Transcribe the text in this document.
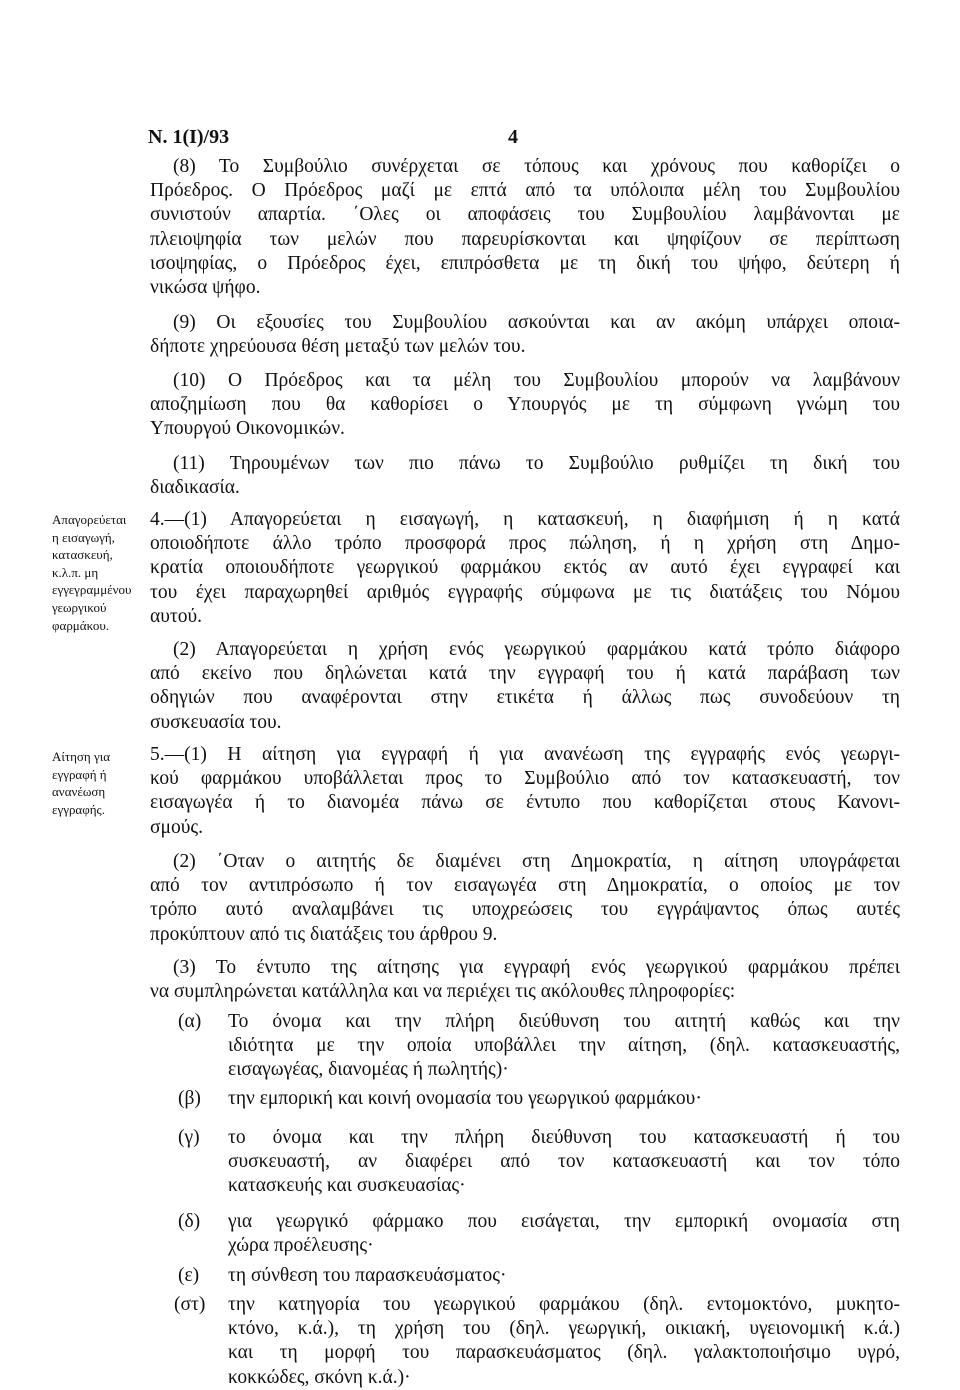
N. 1(I)/93	4
Απαγορεύεται
η εισαγωγή,
κατασκευή,
κ.λ.π. μη
εγγεγραμμένου
γεωργικού
φαρμάκου.
Αίτηση για
εγγραφή ή
ανανέωση
εγγραφής.
(8) Το Συμβούλιο συνέρχεται σε τόπους και χρόνους που καθορίζει ο
Πρόεδρος. Ο Πρόεδρος μαζί με επτά από τα υπόλοιπα μέλη του Συμβουλίου
συνιστούν απαρτία. ΄Ολες οι αποφάσεις του Συμβουλίου λαμβάνονται με
πλειοψηφία των μελών που παρευρίσκονται και ψηφίζουν σε περίπτωση
ισοψηφίας, ο Πρόεδρος έχει, επιπρόσθετα με τη δική του ψήφο, δεύτερη ή
νικώσα ψήφο.
(9) Οι εξουσίες του Συμβουλίου ασκούνται και αν ακόμη υπάρχει οποια-
δήποτε χηρεύουσα θέση μεταξύ των μελών του.
(10) Ο Πρόεδρος και τα μέλη του Συμβουλίου μπορούν να λαμβάνουν
αποζημίωση που θα καθορίσει ο Υπουργός με τη σύμφωνη γνώμη του
Υπουργού Οικονομικών.
(11) Τηρουμένων των πιο πάνω το Συμβούλιο ρυθμίζει τη δική του
διαδικασία.
4.—(1) Απαγορεύεται η εισαγωγή, η κατασκευή, η διαφήμιση ή η κατά
οποιοδήποτε άλλο τρόπο προσφορά προς πώληση, ή η χρήση στη Δημο-
κρατία οποιουδήποτε γεωργικού φαρμάκου εκτός αν αυτό έχει εγγραφεί και
του έχει παραχωρηθεί αριθμός εγγραφής σύμφωνα με τις διατάξεις του Νόμου
αυτού.
(2) Απαγορεύεται η χρήση ενός γεωργικού φαρμάκου κατά τρόπο διάφορο
από εκείνο που δηλώνεται κατά την εγγραφή του ή κατά παράβαση των
οδηγιών που αναφέρονται στην ετικέτα ή άλλως πως συνοδεύουν τη
συσκευασία του.
5.—(1) Η αίτηση για εγγραφή ή για ανανέωση της εγγραφής ενός γεωργι-
κού φαρμάκου υποβάλλεται προς το Συμβούλιο από τον κατασκευαστή, τον
εισαγωγέα ή το διανομέα πάνω σε έντυπο που καθορίζεται στους Κανονι-
σμούς.
(2) ΄Οταν ο αιτητής δε διαμένει στη Δημοκρατία, η αίτηση υπογράφεται
από τον αντιπρόσωπο ή τον εισαγωγέα στη Δημοκρατία, ο οποίος με τον
τρόπο αυτό αναλαμβάνει τις υποχρεώσεις του εγγράψαντος όπως αυτές
προκύπτουν από τις διατάξεις του άρθρου 9.
(3) Το έντυπο της αίτησης για εγγραφή ενός γεωργικού φαρμάκου πρέπει
να συμπληρώνεται κατάλληλα και να περιέχει τις ακόλουθες πληροφορίες:
(α) Το όνομα και την πλήρη διεύθυνση του αιτητή καθώς και την
ιδιότητα με την οποία υποβάλλει την αίτηση, (δηλ. κατασκευαστής,
εισαγωγέας, διανομέας ή πωλητής)·
(β) την εμπορική και κοινή ονομασία του γεωργικού φαρμάκου·
(γ) το όνομα και την πλήρη διεύθυνση του κατασκευαστή ή του
συσκευαστή, αν διαφέρει από τον κατασκευαστή και τον τόπο
κατασκευής και συσκευασίας·
(δ) για γεωργικό φάρμακο που εισάγεται, την εμπορική ονομασία στη
χώρα προέλευσης·
(ε) τη σύνθεση του παρασκευάσματος·
(στ) την κατηγορία του γεωργικού φαρμάκου (δηλ. εντομοκτόνο, μυκητο-
κτόνο, κ.ά.), τη χρήση του (δηλ. γεωργική, οικιακή, υγειονομική κ.ά.)
και τη μορφή του παρασκευάσματος (δηλ. γαλακτοποιήσιμο υγρό,
κοκκώδες, σκόνη κ.ά.)·
